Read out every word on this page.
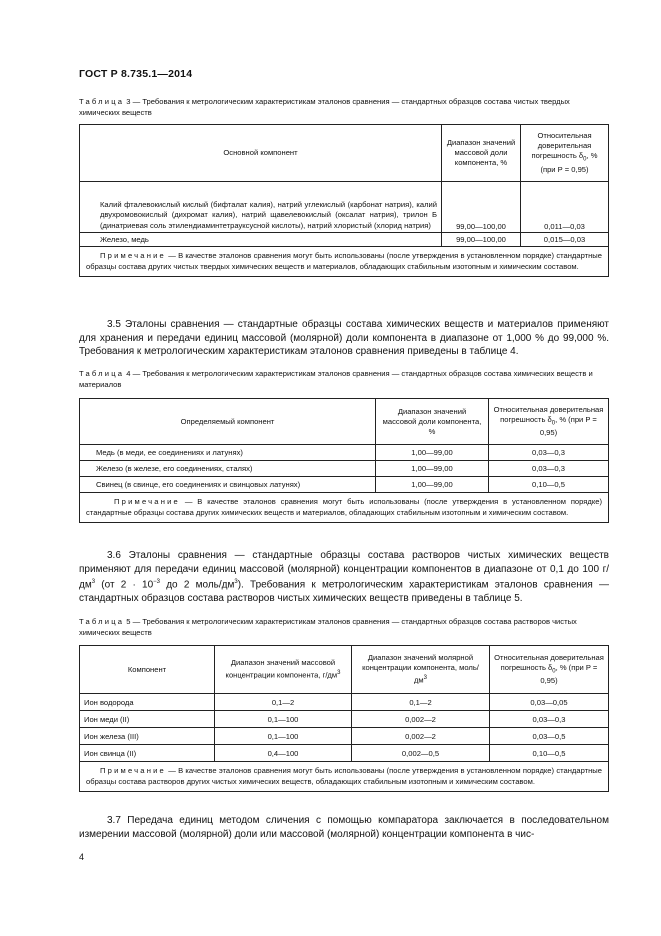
ГОСТ Р 8.735.1—2014
Таблица 3 — Требования к метрологическим характеристикам эталонов сравнения — стандартных образцов состава чистых твердых химических веществ
Основной компонент	Диапазон значений массовой доли компонента, %	Относительная доверительная погрешность $\delta_0$, % (при P = 0,95)
Калий фталевокислый кислый (бифталат калия), натрий углекислый (карбонат натрия), калий двухромовокислый (дихромат калия), натрий щавелевокислый (оксалат натрия), трилон Б (динатриевая соль этилендиаминтетрауксусной кислоты), натрий хлористый (хлорид натрия)	99,00—100,00	0,011—0,03
Железо, медь	99,00—100,00	0,015—0,03
Примечание — В качестве эталонов сравнения могут быть использованы (после утверждения в установленном порядке) стандартные образцы состава других чистых твердых химических веществ и материалов, обладающих стабильным изотопным и химическим составом.		
3.5 Эталоны сравнения — стандартные образцы состава химических веществ и материалов применяют для хранения и передачи единиц массовой (молярной) доли компонента в диапазоне от 1,000 % до 99,000 %. Требования к метрологическим характеристикам эталонов сравнения приведены в таблице 4.
Таблица 4 — Требования к метрологическим характеристикам эталонов сравнения — стандартных образцов состава химических веществ и материалов
Определяемый компонент	Диапазон значений массовой доли компонента, %	Относительная доверительная погрешность $\delta_0$, % (при P = 0,95)
Медь (в меди, ее соединениях и латунях)	1,00—99,00	0,03—0,3
Железо (в железе, его соединениях, сталях)	1,00—99,00	0,03—0,3
Свинец (в свинце, его соединениях и свинцовых латунях)	1,00—99,00	0,10—0,5
Примечание — В качестве эталонов сравнения могут быть использованы (после утверждения в установленном порядке) стандартные образцы состава других химических веществ и материалов, обладающих стабильным изотопным и химическим составом.		
3.6 Эталоны сравнения — стандартные образцы состава растворов чистых химических веществ применяют для передачи единиц массовой (молярной) концентрации компонентов в диапазоне от 0,1 до 100 $г/дм^3$ (от $2 \cdot 10^{-3}$ до 2 моль/$дм^3$). Требования к метрологическим характеристикам эталонов сравнения — стандартных образцов состава растворов чистых химических веществ приведены в таблице 5.
Таблица 5 — Требования к метрологическим характеристикам эталонов сравнения — стандартных образцов состава растворов чистых химических веществ
Компонент	Диапазон значений массовой концентрации компонента, $г/дм^3$	Диапазон значений молярной концентрации компонента, моль/$дм^3$	Относительная доверительная погрешность $\delta_0$, % (при P = 0,95)
Ион водорода	0,1—2	0,1—2	0,03—0,05
Ион меди (II)	0,1—100	0,002—2	0,03—0,3
Ион железа (III)	0,1—100	0,002—2	0,03—0,5
Ион свинца (II)	0,4—100	0,002—0,5	0,10—0,5
Примечание — В качестве эталонов сравнения могут быть использованы (после утверждения в установленном порядке) стандартные образцы состава растворов других чистых химических веществ, обладающих стабильным изотопным и химическим составом.			
3.7 Передача единиц методом сличения с помощью компаратора заключается в последовательном измерении массовой (молярной) доли или массовой (молярной) концентрации компонента в чис-
4
